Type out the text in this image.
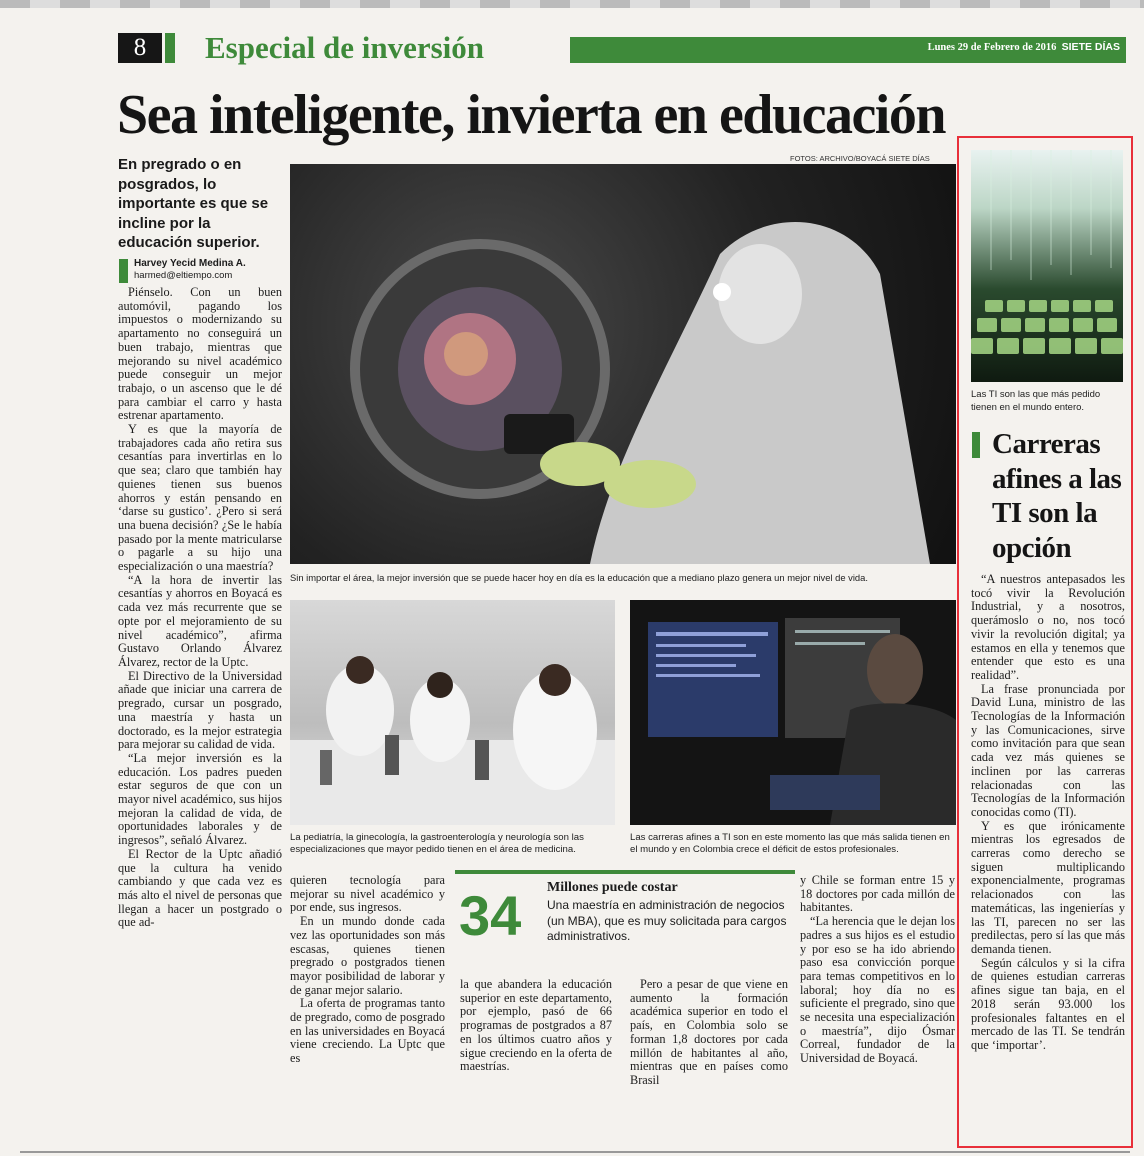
8	Especial de inversión	Lunes 29 de Febrero de 2016 SIETE DÍAS
Sea inteligente, invierta en educación
En pregrado o en posgrados, lo importante es que se incline por la educación superior.
Harvey Yecid Medina A.
harmed@eltiempo.com

Piénselo. Con un buen automóvil, pagando los impuestos o modernizando su apartamento no conseguirá un buen trabajo, mientras que mejorando su nivel académico puede conseguir un mejor trabajo, o un ascenso que le dé para cambiar el carro y hasta estrenar apartamento.

Y es que la mayoría de trabajadores cada año retira sus cesantías para invertirlas en lo que sea; claro que también hay quienes tienen sus buenos ahorros y están pensando en ‘darse su gustico’. ¿Pero si será una buena decisión? ¿Se le había pasado por la mente matricularse o pagarle a su hijo una especialización o una maestría?

“A la hora de invertir las cesantías y ahorros en Boyacá es cada vez más recurrente que se opte por el mejoramiento de su nivel académico”, afirma Gustavo Orlando Álvarez Álvarez, rector de la Uptc.

El Directivo de la Universidad añade que iniciar una carrera de pregrado, cursar un posgrado, una maestría y hasta un doctorado, es la mejor estrategia para mejorar su calidad de vida.

“La mejor inversión es la educación. Los padres pueden estar seguros de que con un mayor nivel académico, sus hijos mejoran la calidad de vida, de oportunidades laborales y de ingresos”, señaló Álvarez.

El Rector de la Uptc añadió que la cultura ha venido cambiando y que cada vez es más alto el nivel de personas que llegan a hacer un postgrado o que ad-

FOTOS: ARCHIVO/BOYACÁ SIETE DÍAS
Sin importar el área, la mejor inversión que se puede hacer hoy en día es la educación que a mediano plazo genera un mejor nivel de vida.
La pediatría, la ginecología, la gastroenterología y neurología son las especializaciones que mayor pedido tienen en el área de medicina.
Las carreras afines a TI son en este momento las que más salida tienen en el mundo y en Colombia crece el déficit de estos profesionales.

quieren tecnología para mejorar su nivel académico y por ende, sus ingresos.

En un mundo donde cada vez las oportunidades son más escasas, quienes tienen pregrado o postgrados tienen mayor posibilidad de laborar y de ganar mejor salario.

La oferta de programas tanto de pregrado, como de posgrado en las universidades en Boyacá viene creciendo. La Uptc que es

34 Millones puede costar
Una maestría en administración de negocios (un MBA), que es muy solicitada para cargos administrativos.

la que abandera la educación superior en este departamento, por ejemplo, pasó de 66 programas de postgrados a 87 en los últimos cuatro años y sigue creciendo en la oferta de maestrías.

Pero a pesar de que viene en aumento la formación académica superior en todo el país, en Colombia solo se forman 1,8 doctores por cada millón de habitantes al año, mientras que en países como Brasil

y Chile se forman entre 15 y 18 doctores por cada millón de habitantes.

“La herencia que le dejan los padres a sus hijos es el estudio y por eso se ha ido abriendo paso esa convicción porque para temas competitivos en lo laboral; hoy día no es suficiente el pregrado, sino que se necesita una especialización o maestría”, dijo Ósmar Correal, fundador de la Universidad de Boyacá.

Las TI son las que más pedido tienen en el mundo entero.
Carreras afines a las TI son la opción

“A nuestros antepasados les tocó vivir la Revolución Industrial, y a nosotros, querámoslo o no, nos tocó vivir la revolución digital; ya estamos en ella y tenemos que entender que esto es una realidad”.

La frase pronunciada por David Luna, ministro de las Tecnologías de la Información y las Comunicaciones, sirve como invitación para que sean cada vez más quienes se inclinen por las carreras relacionadas con las Tecnologías de la Información conocidas como (TI).

Y es que irónicamente mientras los egresados de carreras como derecho se siguen multiplicando exponencialmente, programas relacionados con las matemáticas, las ingenierías y las TI, parecen no ser las predilectas, pero sí las que más demanda tienen.

Según cálculos y si la cifra de quienes estudian carreras afines sigue tan baja, en el 2018 serán 93.000 los profesionales faltantes en el mercado de las TI. Se tendrán que ‘importar’.
